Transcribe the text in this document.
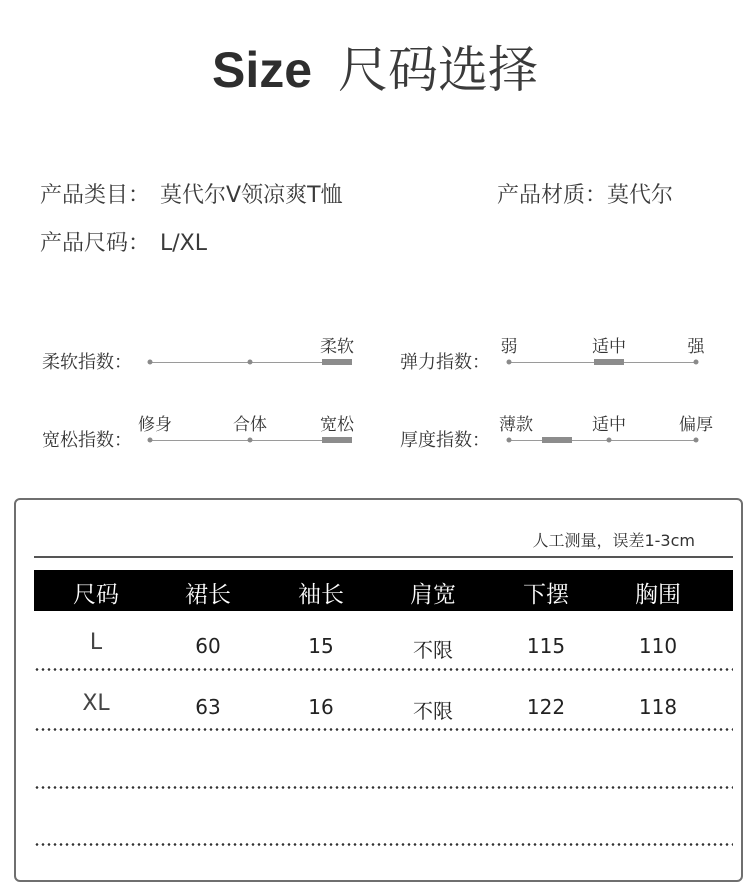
Size 尺码选择
产品类目： 莫代尔V领凉爽T恤	产品材质：莫代尔
产品尺码： L/XL
柔软指数：
柔软
弹力指数：
弱	适中	强
宽松指数：
修身	合体	宽松
厚度指数：
薄款	适中	偏厚
人工测量，误差1-3cm
尺码	裙长	袖长	肩宽	下摆	胸围
L	60	15	不限	115	110
XL	63	16	不限	122	118
